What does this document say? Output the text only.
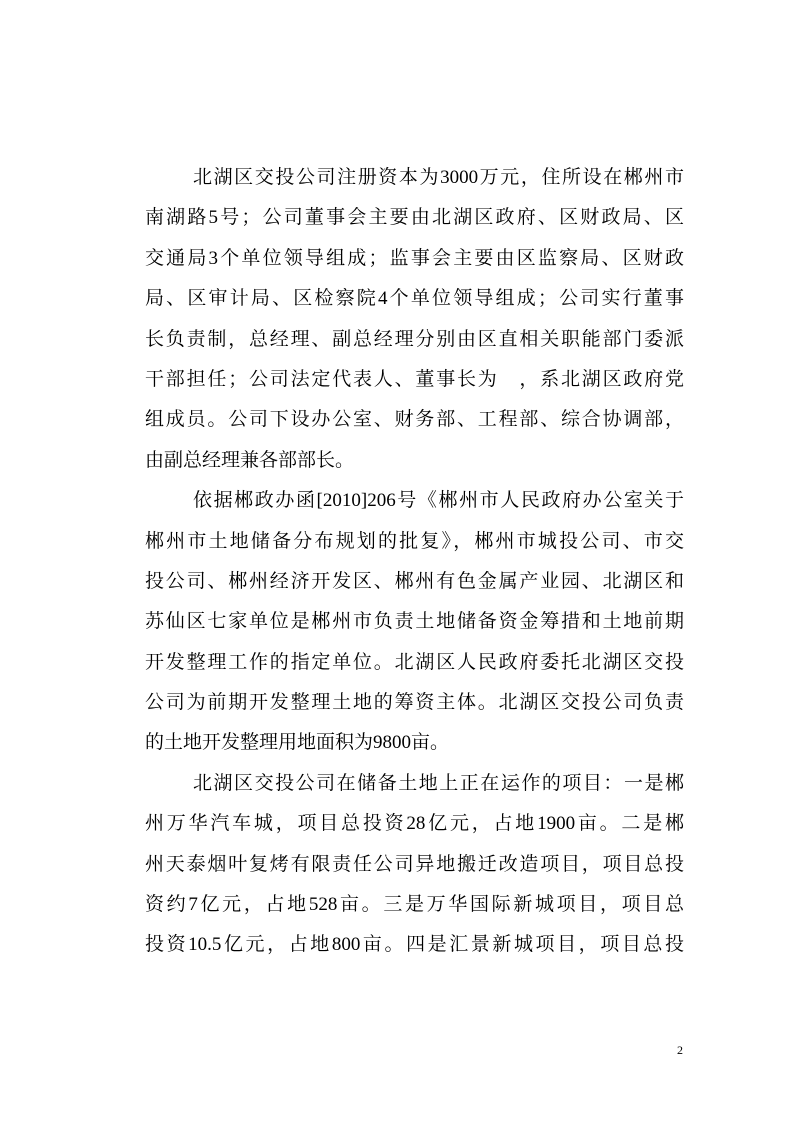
北湖区交投公司注册资本为3000万元，住所设在郴州市
南湖路5号；公司董事会主要由北湖区政府、区财政局、区
交通局3个单位领导组成；监事会主要由区监察局、区财政
局、区审计局、区检察院4个单位领导组成；公司实行董事
长负责制，总经理、副总经理分别由区直相关职能部门委派
干部担任；公司法定代表人、董事长为　，系北湖区政府党
组成员。公司下设办公室、财务部、工程部、综合协调部，
由副总经理兼各部部长。
依据郴政办函[2010]206号《郴州市人民政府办公室关于
郴州市土地储备分布规划的批复》，郴州市城投公司、市交
投公司、郴州经济开发区、郴州有色金属产业园、北湖区和
苏仙区七家单位是郴州市负责土地储备资金筹措和土地前期
开发整理工作的指定单位。北湖区人民政府委托北湖区交投
公司为前期开发整理土地的筹资主体。北湖区交投公司负责
的土地开发整理用地面积为9800亩。
北湖区交投公司在储备土地上正在运作的项目：一是郴
州万华汽车城，项目总投资28亿元，占地1900亩。二是郴
州天泰烟叶复烤有限责任公司异地搬迁改造项目，项目总投
资约7亿元，占地528亩。三是万华国际新城项目，项目总
投资10.5亿元，占地800亩。四是汇景新城项目，项目总投
2
